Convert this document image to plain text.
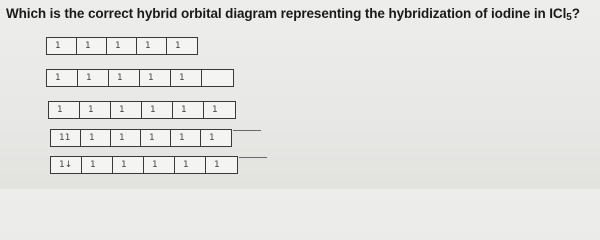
Which is the correct hybrid orbital diagram representing the hybridization of iodine in ICl$_5$?
1	1	1	1	1
1	1	1	1	1
1	1	1	1	1	1
11	1	1	1	1	1
1↓	1	1	1	1	1
